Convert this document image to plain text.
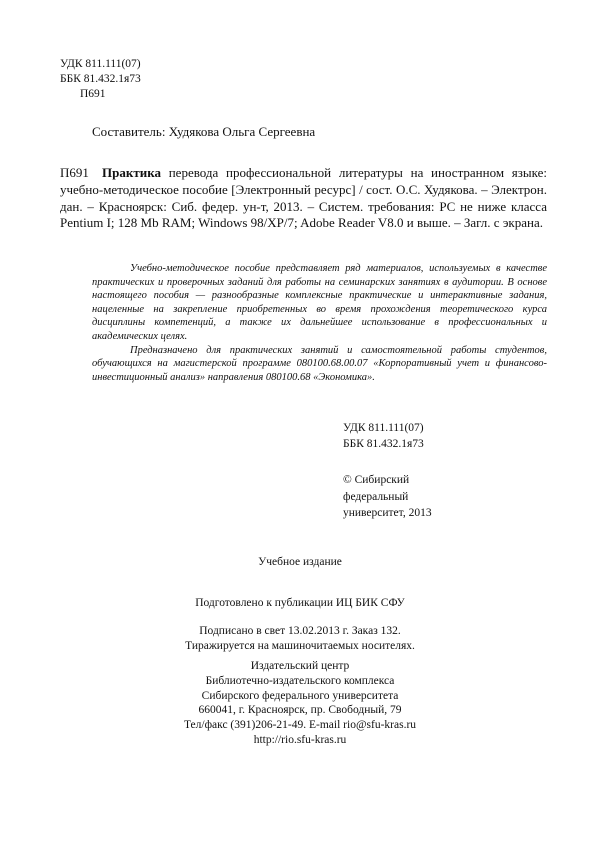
УДК 811.111(07)
ББК 81.432.1я73
П691
Составитель: Худякова Ольга Сергеевна
П691	Практика перевода профессиональной литературы на иностранном языке: учебно-методическое пособие [Электронный ресурс] / сост. О.С. Худякова. – Электрон. дан. – Красноярск: Сиб. федер. ун-т, 2013. – Систем. требования: PC не ниже класса Pentium I; 128 Mb RAM; Windows 98/XP/7; Adobe Reader V8.0 и выше. – Загл. с экрана.

Учебно-методическое пособие представляет ряд материалов, используемых в качестве практических и проверочных заданий для работы на семинарских занятиях в аудитории. В основе настоящего пособия — разнообразные комплексные практические и интерактивные задания, нацеленные на закрепление приобретенных во время прохождения теоретического курса дисциплины компетенций, а также их дальнейшее использование в профессиональных и академических целях.

Предназначено для практических занятий и самостоятельной работы студентов, обучающихся на магистерской программе 080100.68.00.07 «Корпоративный учет и финансово-инвестиционный анализ» направления 080100.68 «Экономика».

УДК 811.111(07)
ББК 81.432.1я73
© Сибирский
федеральный
университет, 2013
Учебное издание
Подготовлено к публикации ИЦ БИК СФУ
Подписано в свет 13.02.2013 г. Заказ 132.
Тиражируется на машиночитаемых носителях.
Издательский центр
Библиотечно-издательского комплекса
Сибирского федерального университета
660041, г. Красноярск, пр. Свободный, 79
Тел/факс (391)206-21-49. E-mail rio@sfu-kras.ru
http://rio.sfu-kras.ru
